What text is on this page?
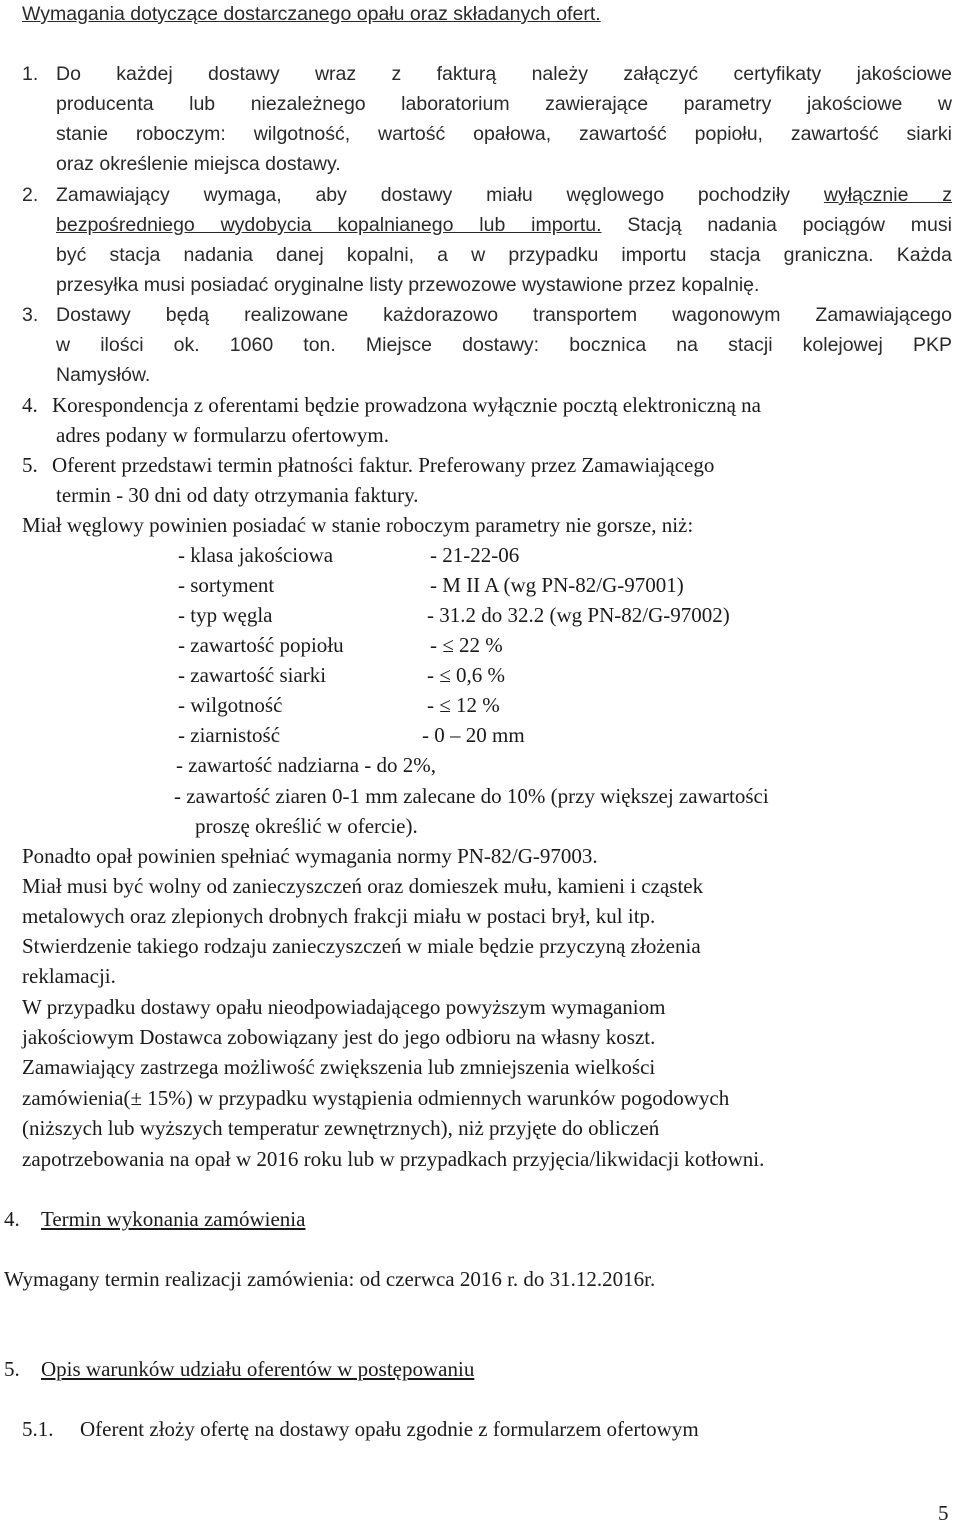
Wymagania dotyczące dostarczanego opału oraz składanych ofert.
1. Do każdej dostawy wraz z fakturą należy załączyć certyfikaty jakościowe
producenta lub niezależnego laboratorium zawierające parametry jakościowe w
stanie roboczym: wilgotność, wartość opałowa, zawartość popiołu, zawartość siarki
oraz określenie miejsca dostawy.
2. Zamawiający wymaga, aby dostawy miału węglowego pochodziły wyłącznie z
bezpośredniego wydobycia kopalnianego lub importu. Stacją nadania pociągów musi
być stacja nadania danej kopalni, a w przypadku importu stacja graniczna. Każda
przesyłka musi posiadać oryginalne listy przewozowe wystawione przez kopalnię.
3. Dostawy będą realizowane każdorazowo transportem wagonowym Zamawiającego
w ilości ok. 1060 ton. Miejsce dostawy: bocznica na stacji kolejowej PKP
Namysłów.
4. Korespondencja z oferentami będzie prowadzona wyłącznie pocztą elektroniczną na
adres podany w formularzu ofertowym.
5. Oferent przedstawi termin płatności faktur. Preferowany przez Zamawiającego
termin - 30 dni od daty otrzymania faktury.
Miał węglowy powinien posiadać w stanie roboczym parametry nie gorsze, niż:
- klasa jakościowa	- 21-22-06
- sortyment	- M II A (wg PN-82/G-97001)
- typ węgla	- 31.2 do 32.2 (wg PN-82/G-97002)
- zawartość popiołu	- ≤ 22 %
- zawartość siarki	- ≤ 0,6 %
- wilgotność	- ≤ 12 %
- ziarnistość	- 0 – 20 mm
- zawartość nadziarna - do 2%,
- zawartość ziaren 0-1 mm zalecane do 10% (przy większej zawartości
proszę określić w ofercie).
Ponadto opał powinien spełniać wymagania normy PN-82/G-97003.
Miał musi być wolny od zanieczyszczeń oraz domieszek mułu, kamieni i cząstek
metalowych oraz zlepionych drobnych frakcji miału w postaci brył, kul itp.
Stwierdzenie takiego rodzaju zanieczyszczeń w miale będzie przyczyną złożenia
reklamacji.
W przypadku dostawy opału nieodpowiadającego powyższym wymaganiom
jakościowym Dostawca zobowiązany jest do jego odbioru na własny koszt.
Zamawiający zastrzega możliwość zwiększenia lub zmniejszenia wielkości
zamówienia(± 15%) w przypadku wystąpienia odmiennych warunków pogodowych
(niższych lub wyższych temperatur zewnętrznych), niż przyjęte do obliczeń
zapotrzebowania na opał w 2016 roku lub w przypadkach przyjęcia/likwidacji kotłowni.
4. Termin wykonania zamówienia
Wymagany termin realizacji zamówienia: od czerwca 2016 r. do 31.12.2016r.
5. Opis warunków udziału oferentów w postępowaniu
5.1. Oferent złoży ofertę na dostawy opału zgodnie z formularzem ofertowym
5
